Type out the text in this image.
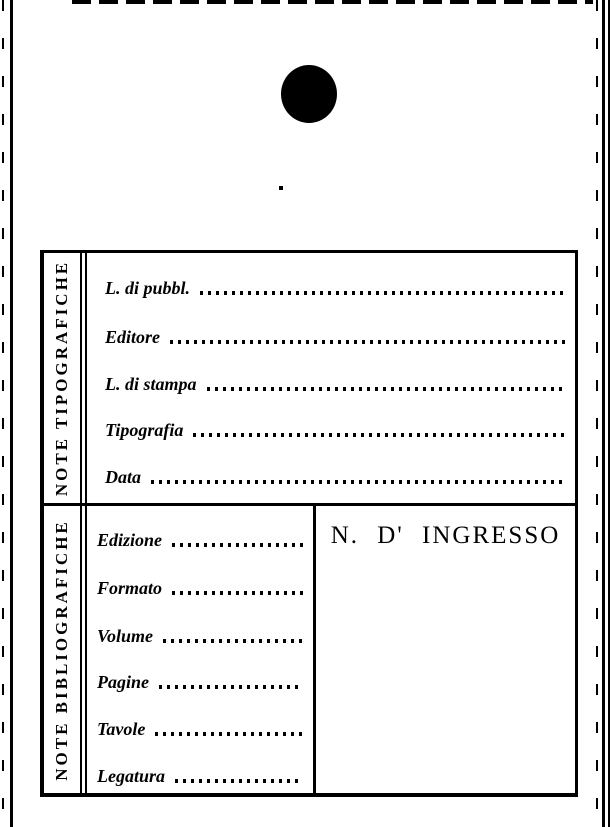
NOTE TIPOGRAFICHE L. di pubbl.
Editore
L. di stampa
Tipografia
Data
NOTE BIBLIOGRAFICHE Edizione
Formato
Volume
Pagine
Tavole
Legatura
N. D' INGRESSO
